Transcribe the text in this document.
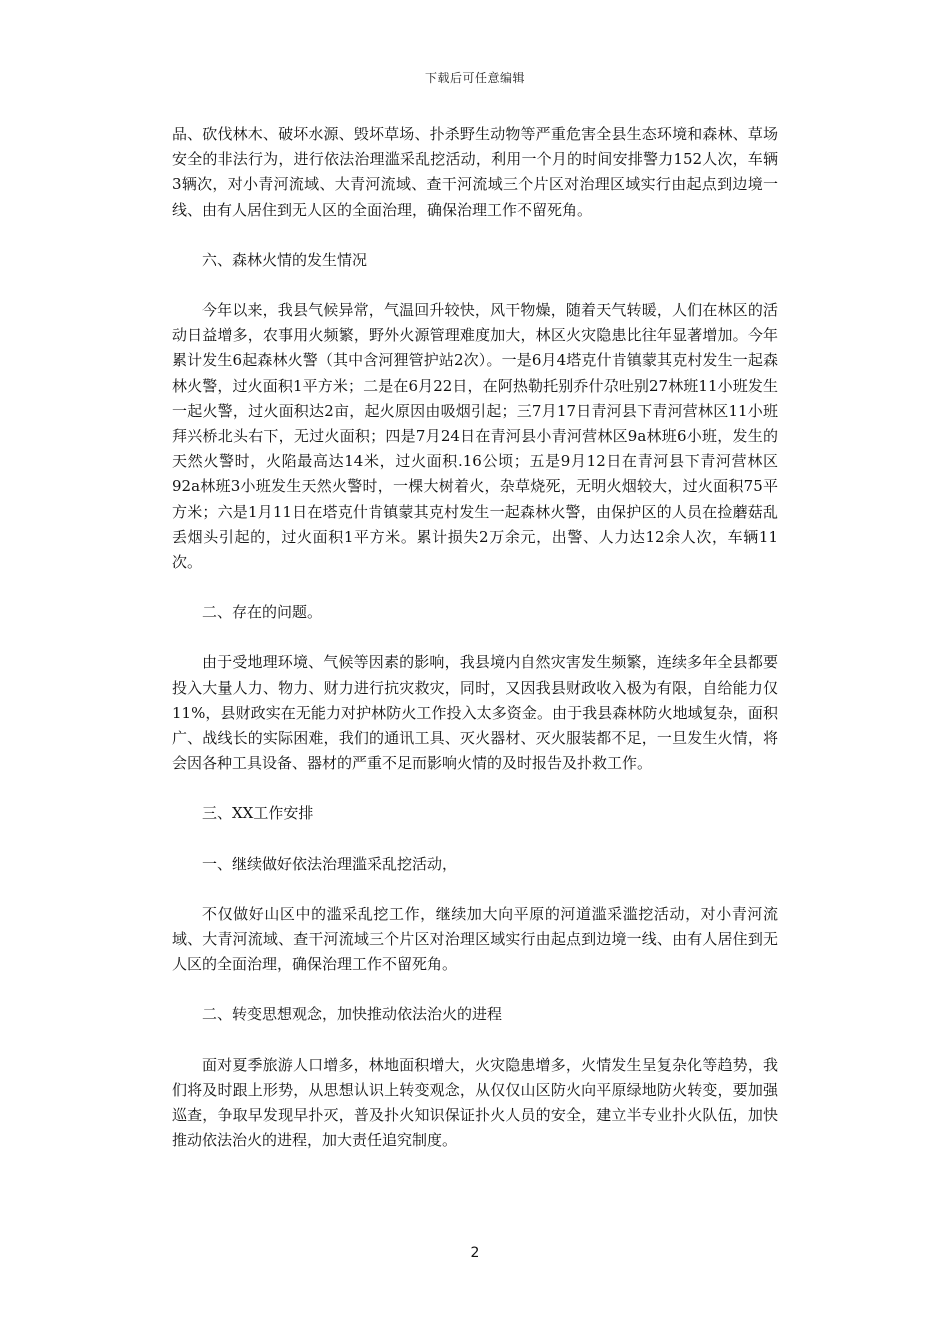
下载后可任意编辑

品、砍伐林木、破坏水源、毁坏草场、扑杀野生动物等严重危害全县生态环境和森林、草场安全的非法行为，进行依法治理滥采乱挖活动，利用一个月的时间安排警力152人次，车辆3辆次，对小青河流域、大青河流域、查干河流域三个片区对治理区域实行由起点到边境一线、由有人居住到无人区的全面治理，确保治理工作不留死角。

六、森林火情的发生情况

今年以来，我县气候异常，气温回升较快，风干物燥，随着天气转暖，人们在林区的活动日益增多，农事用火频繁，野外火源管理难度加大，林区火灾隐患比往年显著增加。今年累计发生6起森林火警（其中含河狸管护站2次）。一是6月4塔克什肯镇蒙其克村发生一起森林火警，过火面积1平方米；二是在6月22日，在阿热勒托别乔什尕吐别27林班11小班发生一起火警，过火面积达2亩，起火原因由吸烟引起；三7月17日青河县下青河营林区11小班拜兴桥北头右下，无过火面积；四是7月24日在青河县小青河营林区9a林班6小班，发生的天然火警时，火陷最高达14米，过火面积.16公顷；五是9月12日在青河县下青河营林区92a林班3小班发生天然火警时，一棵大树着火，杂草烧死，无明火烟较大，过火面积75平方米；六是1月11日在塔克什肯镇蒙其克村发生一起森林火警，由保护区的人员在捡蘑菇乱丢烟头引起的，过火面积1平方米。累计损失2万余元，出警、人力达12余人次，车辆11次。

二、存在的问题。

由于受地理环境、气候等因素的影响，我县境内自然灾害发生频繁，连续多年全县都要投入大量人力、物力、财力进行抗灾救灾，同时，又因我县财政收入极为有限，自给能力仅11%，县财政实在无能力对护林防火工作投入太多资金。由于我县森林防火地域复杂，面积广、战线长的实际困难，我们的通讯工具、灭火器材、灭火服装都不足，一旦发生火情，将会因各种工具设备、器材的严重不足而影响火情的及时报告及扑救工作。

三、XX工作安排

一、继续做好依法治理滥采乱挖活动，

不仅做好山区中的滥采乱挖工作，继续加大向平原的河道滥采滥挖活动，对小青河流域、大青河流域、查干河流域三个片区对治理区域实行由起点到边境一线、由有人居住到无人区的全面治理，确保治理工作不留死角。

二、转变思想观念，加快推动依法治火的进程

面对夏季旅游人口增多，林地面积增大，火灾隐患增多，火情发生呈复杂化等趋势，我们将及时跟上形势，从思想认识上转变观念，从仅仅山区防火向平原绿地防火转变，要加强巡查，争取早发现早扑灭，普及扑火知识保证扑火人员的安全，建立半专业扑火队伍，加快推动依法治火的进程，加大责任追究制度。

2
